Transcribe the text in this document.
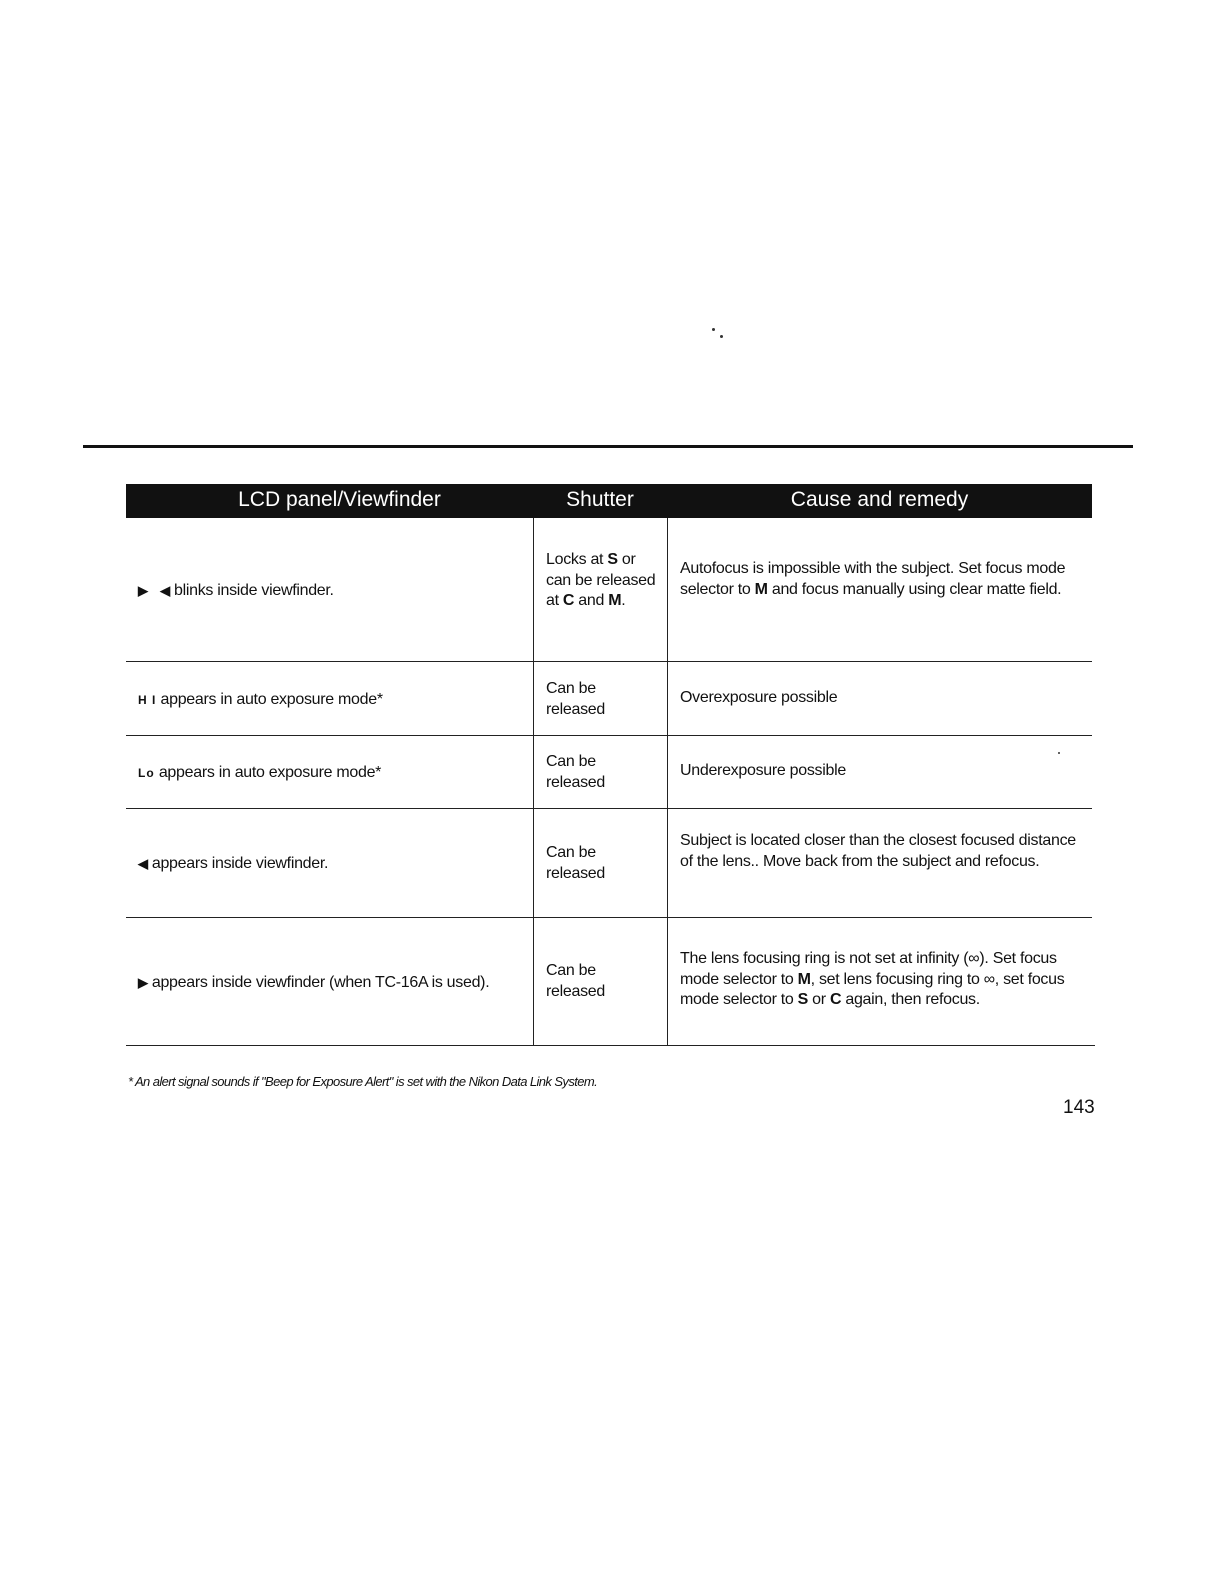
LCD panel/Viewfinder	Shutter	Cause and remedy
▶ ◀ blinks inside viewfinder.
Locks at S or can be released at C and M.
Autofocus is impossible with the subject. Set focus mode selector to M and focus manually using clear matte field.
H I appears in auto exposure mode*
Can be released
Overexposure possible
Lo appears in auto exposure mode*
Can be released
Underexposure possible
◀ appears inside viewfinder.
Can be released
Subject is located closer than the closest focused distance of the lens.. Move back from the subject and refocus.
▶ appears inside viewfinder (when TC-16A is used).
Can be released
The lens focusing ring is not set at infinity (∞). Set focus mode selector to M, set lens focusing ring to ∞, set focus mode selector to S or C again, then refocus.
* An alert signal sounds if "Beep for Exposure Alert" is set with the Nikon Data Link System.
143
